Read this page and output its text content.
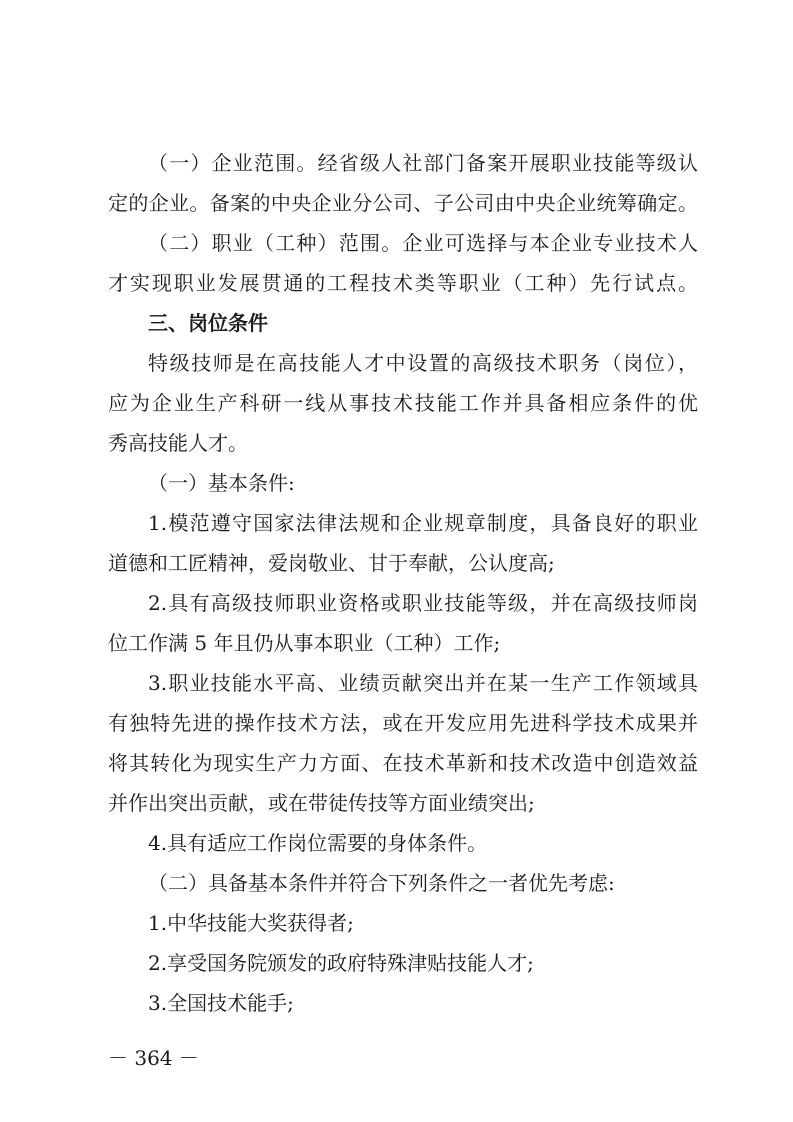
（一）企业范围。经省级人社部门备案开展职业技能等级认
定的企业。备案的中央企业分公司、子公司由中央企业统筹确定。
（二）职业（工种）范围。企业可选择与本企业专业技术人
才实现职业发展贯通的工程技术类等职业（工种）先行试点。
三、岗位条件
特级技师是在高技能人才中设置的高级技术职务（岗位），
应为企业生产科研一线从事技术技能工作并具备相应条件的优
秀高技能人才。
（一）基本条件:
1.模范遵守国家法律法规和企业规章制度，具备良好的职业
道德和工匠精神，爱岗敬业、甘于奉献，公认度高;
2.具有高级技师职业资格或职业技能等级，并在高级技师岗
位工作满 5 年且仍从事本职业（工种）工作;
3.职业技能水平高、业绩贡献突出并在某一生产工作领域具
有独特先进的操作技术方法，或在开发应用先进科学技术成果并
将其转化为现实生产力方面、在技术革新和技术改造中创造效益
并作出突出贡献，或在带徒传技等方面业绩突出;
4.具有适应工作岗位需要的身体条件。
（二）具备基本条件并符合下列条件之一者优先考虑:
1.中华技能大奖获得者;
2.享受国务院颁发的政府特殊津贴技能人才;
3.全国技术能手;
－ 364 －
